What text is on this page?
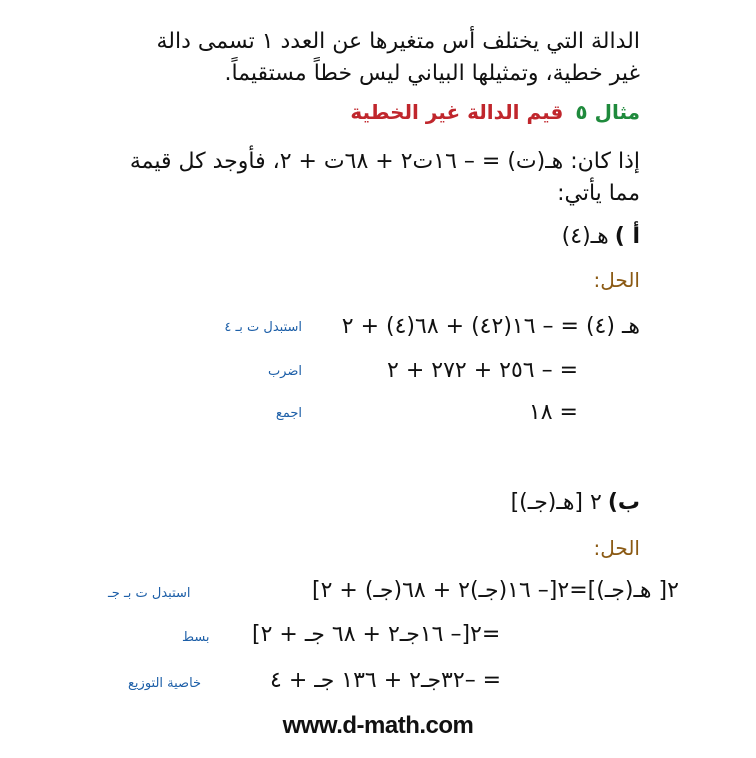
الدالة التي يختلف أس متغيرها عن العدد ١ تسمى دالة
غير خطية، وتمثيلها البياني ليس خطاً مستقيماً.
مثال ٥قيم الدالة غير الخطية
إذا كان: هـ(ت) = – ١٦ت٢ + ٦٨ت + ٢، فأوجد كل قيمة
مما يأتي:
أ )هـ(٤)
الحل:
هـ (٤) = – ١٦(٤٢) + ٦٨(٤) + ٢
استبدل ت بـ ٤
= – ٢٥٦ + ٢٧٢ + ٢
اضرب
= ١٨
اجمع
ب)٢ [هـ(جـ)]
الحل:
٢[ هـ(جـ)]=٢[– ١٦(جـ)٢ + ٦٨(جـ) + ٢]
استبدل ت بـ جـ
=٢[– ١٦جـ٢ + ٦٨ جـ + ٢]
بسط
= –٣٢جـ٢ + ١٣٦ جـ + ٤
خاصية التوزيع
www.d-math.com
